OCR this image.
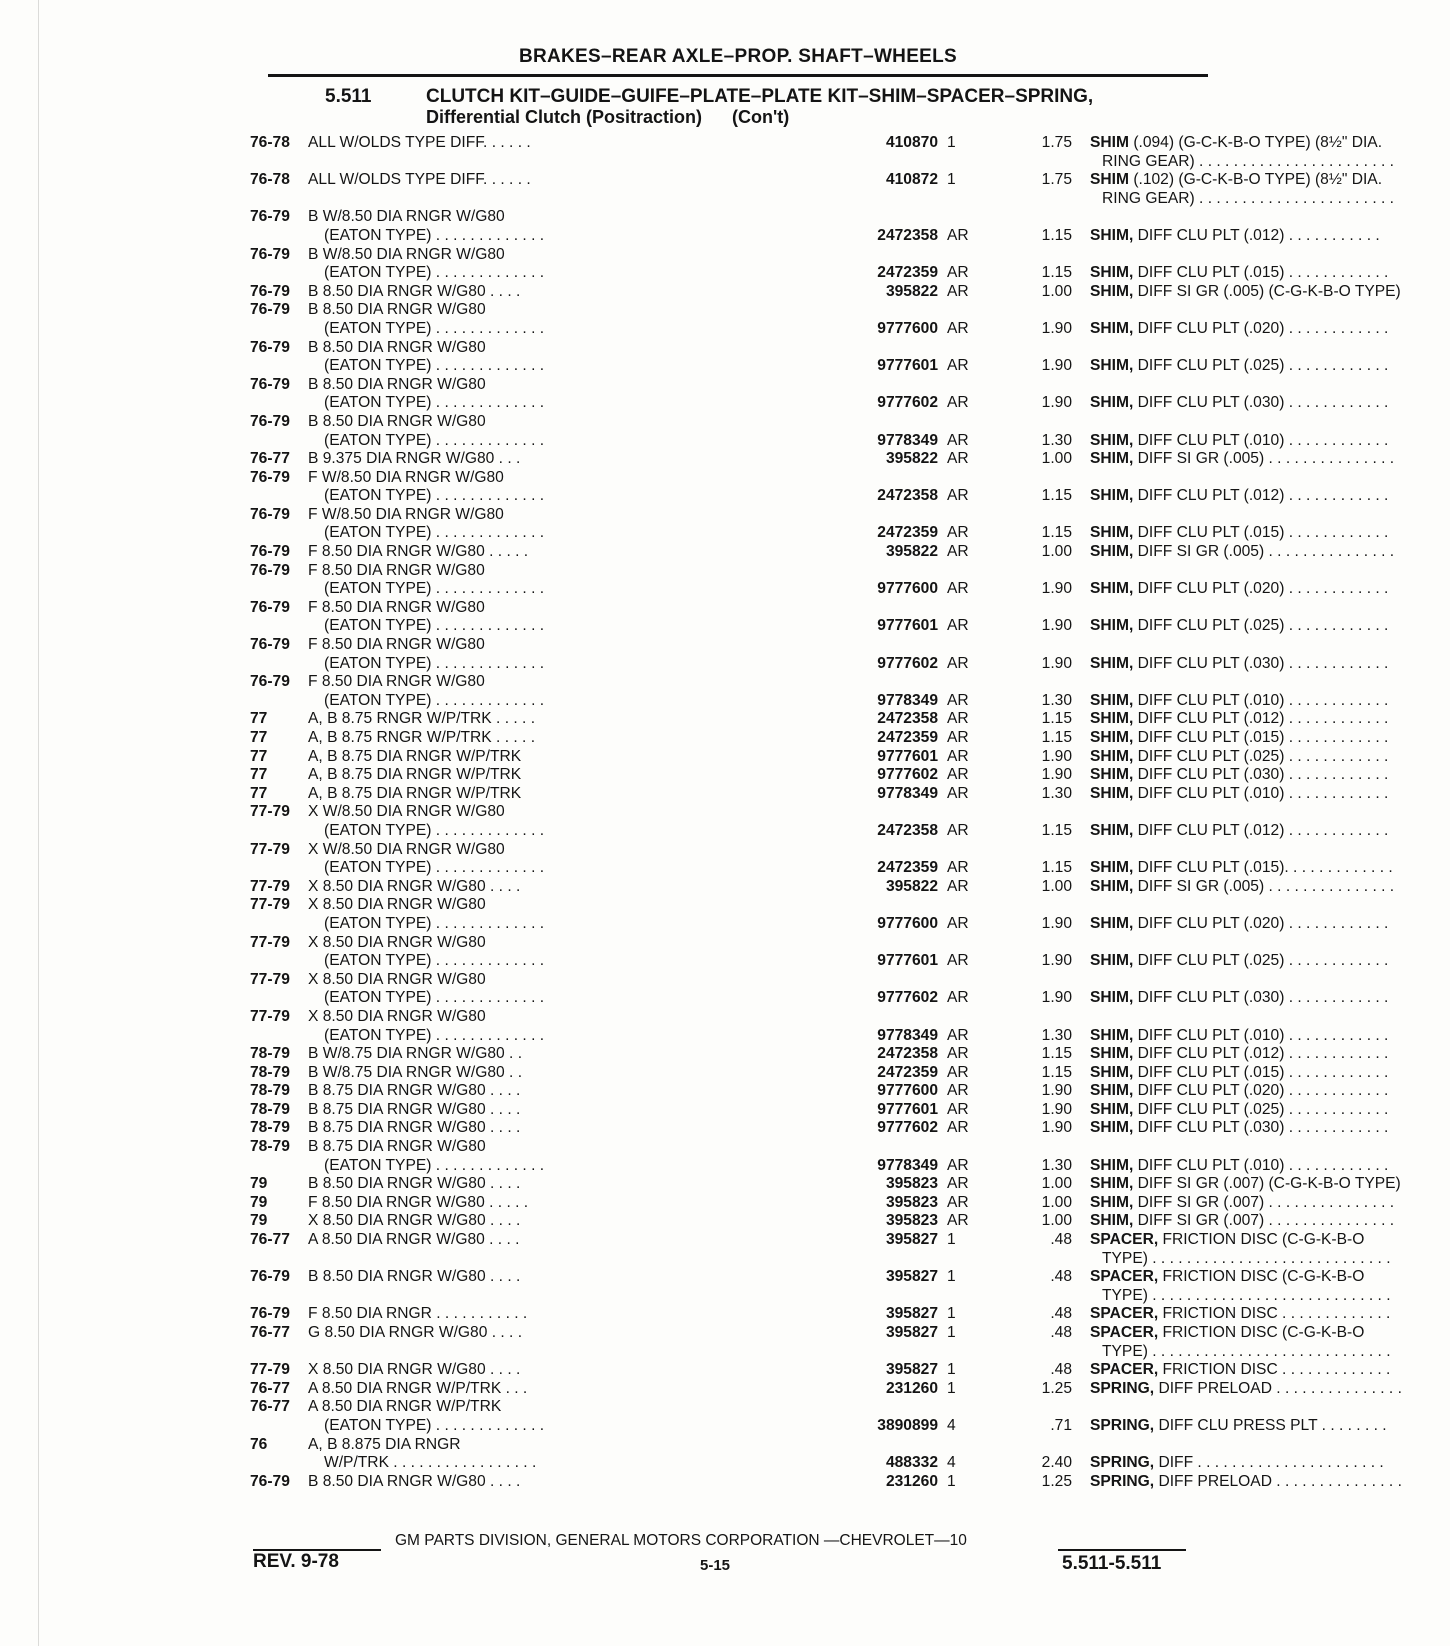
BRAKES–REAR AXLE–PROP. SHAFT–WHEELS
5.511	CLUTCH KIT–GUIDE–GUIFE–PLATE–PLATE KIT–SHIM–SPACER–SPRING,
Differential Clutch (Positraction) (Con't)
76-78	ALL W/OLDS TYPE DIFF. . . . . .	410870 1	1.75 SHIM (.094) (G-C-K-B-O TYPE) (8½" DIA.
RING GEAR) . . . . . . . . . . . . . . . . . . . . . . .
76-78	ALL W/OLDS TYPE DIFF. . . . . .	410872 1	1.75 SHIM (.102) (G-C-K-B-O TYPE) (8½" DIA.
RING GEAR) . . . . . . . . . . . . . . . . . . . . . . .
76-79	B W/8.50 DIA RNGR W/G80
(EATON TYPE) . . . . . . . . . . . . .	2472358 AR	1.15 SHIM, DIFF CLU PLT (.012) . . . . . . . . . . .
76-79	B W/8.50 DIA RNGR W/G80
(EATON TYPE) . . . . . . . . . . . . .	2472359 AR	1.15 SHIM, DIFF CLU PLT (.015) . . . . . . . . . . . .
76-79	B 8.50 DIA RNGR W/G80 . . . .	395822 AR	1.00 SHIM, DIFF SI GR (.005) (C-G-K-B-O TYPE)
76-79	B 8.50 DIA RNGR W/G80
(EATON TYPE) . . . . . . . . . . . . .	9777600 AR	1.90 SHIM, DIFF CLU PLT (.020) . . . . . . . . . . . .
76-79	B 8.50 DIA RNGR W/G80
(EATON TYPE) . . . . . . . . . . . . .	9777601 AR	1.90 SHIM, DIFF CLU PLT (.025) . . . . . . . . . . . .
76-79	B 8.50 DIA RNGR W/G80
(EATON TYPE) . . . . . . . . . . . . .	9777602 AR	1.90 SHIM, DIFF CLU PLT (.030) . . . . . . . . . . . .
76-79	B 8.50 DIA RNGR W/G80
(EATON TYPE) . . . . . . . . . . . . .	9778349 AR	1.30 SHIM, DIFF CLU PLT (.010) . . . . . . . . . . . .
76-77	B 9.375 DIA RNGR W/G80 . . .	395822 AR	1.00 SHIM, DIFF SI GR (.005) . . . . . . . . . . . . . . .
76-79	F W/8.50 DIA RNGR W/G80
(EATON TYPE) . . . . . . . . . . . . .	2472358 AR	1.15 SHIM, DIFF CLU PLT (.012) . . . . . . . . . . . .
76-79	F W/8.50 DIA RNGR W/G80
(EATON TYPE) . . . . . . . . . . . . .	2472359 AR	1.15 SHIM, DIFF CLU PLT (.015) . . . . . . . . . . . .
76-79	F 8.50 DIA RNGR W/G80 . . . . .	395822 AR	1.00 SHIM, DIFF SI GR (.005) . . . . . . . . . . . . . . .
76-79	F 8.50 DIA RNGR W/G80
(EATON TYPE) . . . . . . . . . . . . .	9777600 AR	1.90 SHIM, DIFF CLU PLT (.020) . . . . . . . . . . . .
76-79	F 8.50 DIA RNGR W/G80
(EATON TYPE) . . . . . . . . . . . . .	9777601 AR	1.90 SHIM, DIFF CLU PLT (.025) . . . . . . . . . . . .
76-79	F 8.50 DIA RNGR W/G80
(EATON TYPE) . . . . . . . . . . . . .	9777602 AR	1.90 SHIM, DIFF CLU PLT (.030) . . . . . . . . . . . .
76-79	F 8.50 DIA RNGR W/G80
(EATON TYPE) . . . . . . . . . . . . .	9778349 AR	1.30 SHIM, DIFF CLU PLT (.010) . . . . . . . . . . . .
77	A, B 8.75 RNGR W/P/TRK . . . . .	2472358 AR	1.15 SHIM, DIFF CLU PLT (.012) . . . . . . . . . . . .
77	A, B 8.75 RNGR W/P/TRK . . . . .	2472359 AR	1.15 SHIM, DIFF CLU PLT (.015) . . . . . . . . . . . .
77	A, B 8.75 DIA RNGR W/P/TRK	9777601 AR	1.90 SHIM, DIFF CLU PLT (.025) . . . . . . . . . . . .
77	A, B 8.75 DIA RNGR W/P/TRK	9777602 AR	1.90 SHIM, DIFF CLU PLT (.030) . . . . . . . . . . . .
77	A, B 8.75 DIA RNGR W/P/TRK	9778349 AR	1.30 SHIM, DIFF CLU PLT (.010) . . . . . . . . . . . .
77-79	X W/8.50 DIA RNGR W/G80
(EATON TYPE) . . . . . . . . . . . . .	2472358 AR	1.15 SHIM, DIFF CLU PLT (.012) . . . . . . . . . . . .
77-79	X W/8.50 DIA RNGR W/G80
(EATON TYPE) . . . . . . . . . . . . .	2472359 AR	1.15 SHIM, DIFF CLU PLT (.015). . . . . . . . . . . . .
77-79	X 8.50 DIA RNGR W/G80 . . . .	395822 AR	1.00 SHIM, DIFF SI GR (.005) . . . . . . . . . . . . . . .
77-79	X 8.50 DIA RNGR W/G80
(EATON TYPE) . . . . . . . . . . . . .	9777600 AR	1.90 SHIM, DIFF CLU PLT (.020) . . . . . . . . . . . .
77-79	X 8.50 DIA RNGR W/G80
(EATON TYPE) . . . . . . . . . . . . .	9777601 AR	1.90 SHIM, DIFF CLU PLT (.025) . . . . . . . . . . . .
77-79	X 8.50 DIA RNGR W/G80
(EATON TYPE) . . . . . . . . . . . . .	9777602 AR	1.90 SHIM, DIFF CLU PLT (.030) . . . . . . . . . . . .
77-79	X 8.50 DIA RNGR W/G80
(EATON TYPE) . . . . . . . . . . . . .	9778349 AR	1.30 SHIM, DIFF CLU PLT (.010) . . . . . . . . . . . .
78-79	B W/8.75 DIA RNGR W/G80 . .	2472358 AR	1.15 SHIM, DIFF CLU PLT (.012) . . . . . . . . . . . .
78-79	B W/8.75 DIA RNGR W/G80 . .	2472359 AR	1.15 SHIM, DIFF CLU PLT (.015) . . . . . . . . . . . .
78-79	B 8.75 DIA RNGR W/G80 . . . .	9777600 AR	1.90 SHIM, DIFF CLU PLT (.020) . . . . . . . . . . . .
78-79	B 8.75 DIA RNGR W/G80 . . . .	9777601 AR	1.90 SHIM, DIFF CLU PLT (.025) . . . . . . . . . . . .
78-79	B 8.75 DIA RNGR W/G80 . . . .	9777602 AR	1.90 SHIM, DIFF CLU PLT (.030) . . . . . . . . . . . .
78-79	B 8.75 DIA RNGR W/G80
(EATON TYPE) . . . . . . . . . . . . .	9778349 AR	1.30 SHIM, DIFF CLU PLT (.010) . . . . . . . . . . . .
79	B 8.50 DIA RNGR W/G80 . . . .	395823 AR	1.00 SHIM, DIFF SI GR (.007) (C-G-K-B-O TYPE)
79	F 8.50 DIA RNGR W/G80 . . . . .	395823 AR	1.00 SHIM, DIFF SI GR (.007) . . . . . . . . . . . . . . .
79	X 8.50 DIA RNGR W/G80 . . . .	395823 AR	1.00 SHIM, DIFF SI GR (.007) . . . . . . . . . . . . . . .
76-77	A 8.50 DIA RNGR W/G80 . . . .	395827 1	.48 SPACER, FRICTION DISC (C-G-K-B-O
TYPE) . . . . . . . . . . . . . . . . . . . . . . . . . . . .
76-79	B 8.50 DIA RNGR W/G80 . . . .	395827 1	.48 SPACER, FRICTION DISC (C-G-K-B-O
TYPE) . . . . . . . . . . . . . . . . . . . . . . . . . . . .
76-79	F 8.50 DIA RNGR . . . . . . . . . . .	395827 1	.48 SPACER, FRICTION DISC . . . . . . . . . . . . .
76-77	G 8.50 DIA RNGR W/G80 . . . .	395827 1	.48 SPACER, FRICTION DISC (C-G-K-B-O
TYPE) . . . . . . . . . . . . . . . . . . . . . . . . . . . .
77-79	X 8.50 DIA RNGR W/G80 . . . .	395827 1	.48 SPACER, FRICTION DISC . . . . . . . . . . . . .
76-77	A 8.50 DIA RNGR W/P/TRK . . .	231260 1	1.25 SPRING, DIFF PRELOAD . . . . . . . . . . . . . . .
76-77	A 8.50 DIA RNGR W/P/TRK
(EATON TYPE) . . . . . . . . . . . . .	3890899 4	.71 SPRING, DIFF CLU PRESS PLT . . . . . . . .
76	A, B 8.875 DIA RNGR
W/P/TRK . . . . . . . . . . . . . . . . .	488332 4	2.40 SPRING, DIFF . . . . . . . . . . . . . . . . . . . . . .
76-79	B 8.50 DIA RNGR W/G80 . . . .	231260 1	1.25 SPRING, DIFF PRELOAD . . . . . . . . . . . . . . .
GM PARTS DIVISION, GENERAL MOTORS CORPORATION —CHEVROLET—10
REV. 9-78	5-15	5.511-5.511
